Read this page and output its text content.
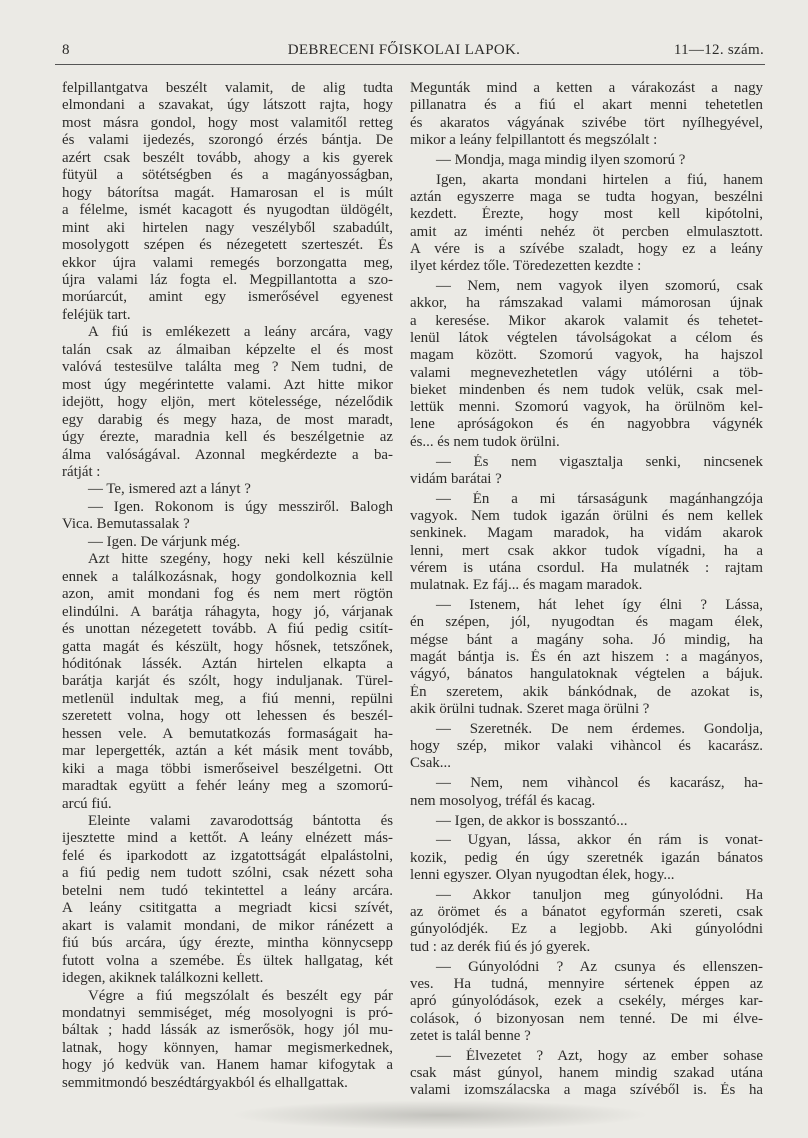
8	DEBRECENI FŐISKOLAI LAPOK.	11—12. szám.
felpillantgatva beszélt valamit, de alig tudta
elmondani a szavakat, úgy látszott rajta, hogy
most másra gondol, hogy most valamitől retteg
és valami ijedezés, szorongó érzés bántja. De
azért csak beszélt tovább, ahogy a kis gyerek
fütyül a sötétségben és a magányosságban,
hogy bátorítsa magát. Hamarosan el is múlt
a félelme, ismét kacagott és nyugodtan üldögélt,
mint aki hirtelen nagy veszélyből szabadúlt,
mosolygott szépen és nézegetett szerteszét. És
ekkor újra valami remegés borzongatta meg,
újra valami láz fogta el. Megpillantotta a szo-
morúarcút, amint egy ismerősével egyenest
feléjük tart.
A fiú is emlékezett a leány arcára, vagy
talán csak az álmaiban képzelte el és most
valóvá testesülve találta meg ? Nem tudni, de
most úgy megérintette valami. Azt hitte mikor
idejött, hogy eljön, mert kötelessége, nézelődik
egy darabig és megy haza, de most maradt,
úgy érezte, maradnia kell és beszélgetnie az
álma valóságával. Azonnal megkérdezte a ba-
rátját :
— Te, ismered azt a lányt ?
— Igen. Rokonom is úgy messziről. Balogh
Vica. Bemutassalak ?
— Igen. De várjunk még.
Azt hitte szegény, hogy neki kell készülnie
ennek a találkozásnak, hogy gondolkoznia kell
azon, amit mondani fog és nem mert rögtön
elindúlni. A barátja ráhagyta, hogy jó, várjanak
és unottan nézegetett tovább. A fiú pedig csitít-
gatta magát és készült, hogy hősnek, tetszőnek,
hóditónak lássék. Aztán hirtelen elkapta a
barátja karját és szólt, hogy induljanak. Türel-
metlenül indultak meg, a fiú menni, repülni
szeretett volna, hogy ott lehessen és beszél-
hessen vele. A bemutatkozás formaságait ha-
mar lepergették, aztán a két másik ment tovább,
kiki a maga többi ismerőseivel beszélgetni. Ott
maradtak együtt a fehér leány meg a szomorú-
arcú fiú.
Eleinte valami zavarodottság bántotta és
ijesztette mind a kettőt. A leány elnézett más-
felé és iparkodott az izgatottságát elpalástolni,
a fiú pedig nem tudott szólni, csak nézett soha
betelni nem tudó tekintettel a leány arcára.
A leány csititgatta a megriadt kicsi szívét,
akart is valamit mondani, de mikor ránézett a
fiú bús arcára, úgy érezte, mintha könnycsepp
futott volna a szemébe. És ültek hallgatag, két
idegen, akiknek találkozni kellett.
Végre a fiú megszólalt és beszélt egy pár
mondatnyi semmiséget, még mosolyogni is pró-
báltak ; hadd lássák az ismerősök, hogy jól mu-
latnak, hogy könnyen, hamar megismerkednek,
hogy jó kedvük van. Hanem hamar kifogytak a
semmitmondó beszédtárgyakból és elhallgattak.
Megunták mind a ketten a várakozást a nagy
pillanatra és a fiú el akart menni tehetetlen
és akaratos vágyának szivébe tört nyílhegyével,
mikor a leány felpillantott és megszólalt :
— Mondja, maga mindig ilyen szomorú ?
Igen, akarta mondani hirtelen a fiú, hanem
aztán egyszerre maga se tudta hogyan, beszélni
kezdett. Érezte, hogy most kell kipótolni,
amit az iménti nehéz öt percben elmulasztott.
A vére is a szívébe szaladt, hogy ez a leány
ilyet kérdez tőle. Töredezetten kezdte :
— Nem, nem vagyok ilyen szomorú, csak
akkor, ha rámszakad valami mámorosan újnak
a keresése. Mikor akarok valamit és tehetet-
lenül látok végtelen távolságokat a célom és
magam között. Szomorú vagyok, ha hajszol
valami megnevezhetetlen vágy utólérni a töb-
bieket mindenben és nem tudok velük, csak mel-
lettük menni. Szomorú vagyok, ha örülnöm kel-
lene apróságokon és én nagyobbra vágynék
és... és nem tudok örülni.
— És nem vigasztalja senki, nincsenek
vidám barátai ?
— Én a mi társaságunk magánhangzója
vagyok. Nem tudok igazán örülni és nem kellek
senkinek. Magam maradok, ha vidám akarok
lenni, mert csak akkor tudok vígadni, ha a
vérem is utána csordul. Ha mulatnék : rajtam
mulatnak. Ez fáj... és magam maradok.
— Istenem, hát lehet így élni ? Lássa,
én szépen, jól, nyugodtan és magam élek,
mégse bánt a magány soha. Jó mindig, ha
magát bántja is. És én azt hiszem : a magányos,
vágyó, bánatos hangulatoknak végtelen a bájuk.
Én szeretem, akik bánkódnak, de azokat is,
akik örülni tudnak. Szeret maga örülni ?
— Szeretnék. De nem érdemes. Gondolja,
hogy szép, mikor valaki vihàncol és kacarász.
Csak...
— Nem, nem vihàncol és kacarász, ha-
nem mosolyog, tréfál és kacag.
— Igen, de akkor is bosszantó...
— Ugyan, lássa, akkor én rám is vonat-
kozik, pedig én úgy szeretnék igazán bánatos
lenni egyszer. Olyan nyugodtan élek, hogy...
— Akkor tanuljon meg gúnyolódni. Ha
az örömet és a bánatot egyformán szereti, csak
gúnyolódjék. Ez a legjobb. Aki gúnyolódni
tud : az derék fiú és jó gyerek.
— Gúnyolódni ? Az csunya és ellenszen-
ves. Ha tudná, mennyire sértenek éppen az
apró gúnyolódások, ezek a csekély, mérges kar-
colások, ó bizonyosan nem tenné. De mi élve-
zetet is talál benne ?
— Élvezetet ? Azt, hogy az ember sohase
csak mást gúnyol, hanem mindig szakad utána
valami izomszálacska a maga szívéből is. És ha
